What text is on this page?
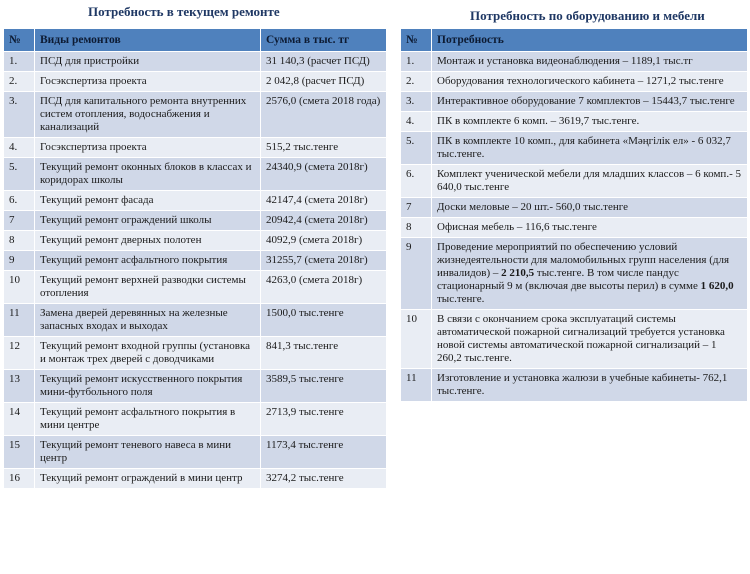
Потребность в текущем ремонте	Потребность по оборудованию и мебели
№	Виды ремонтов	Сумма в тыс. тг
1.	ПСД для пристройки	31 140,3 (расчет ПСД)
2.	Госэкспертиза проекта	2 042,8 (расчет ПСД)
3.	ПСД для капитального ремонта внутренних систем отопления, водоснабжения и канализаций	2576,0 (смета 2018 года)
4.	Госэкспертиза проекта	515,2 тыс.тенге
5.	Текущий ремонт оконных блоков в классах и коридорах школы	24340,9 (смета 2018г)
6.	Текущий ремонт фасада	42147,4 (смета 2018г)
7	Текущий ремонт ограждений школы	20942,4 (смета 2018г)
8	Текущий ремонт дверных полотен	4092,9 (смета 2018г)
9	Текущий ремонт асфальтного покрытия	31255,7 (смета 2018г)
10	Текущий ремонт верхней разводки системы отопления	4263,0 (смета 2018г)
11	Замена дверей деревянных на железные запасных входах и выходах	1500,0 тыс.тенге
12	Текущий ремонт входной группы (установка и монтаж трех дверей с доводчиками	841,3 тыс.тенге
13	Текущий ремонт искусственного покрытия мини-футбольного поля	3589,5 тыс.тенге
14	Текущий ремонт асфальтного покрытия в мини центре	2713,9 тыс.тенге
15	Текущий ремонт теневого навеса в мини центр	1173,4 тыс.тенге
16	Текущий ремонт ограждений в мини центр	3274,2 тыс.тенге
№	Потребность
1.	Монтаж и установка видеонаблюдения – 1189,1 тыс.тг
2.	Оборудования технологического кабинета – 1271,2 тыс.тенге
3.	Интерактивное оборудование 7 комплектов – 15443,7 тыс.тенге
4.	ПК в комплекте 6 комп. – 3619,7 тыс.тенге.
5.	ПК в комплекте 10 комп., для кабинета «Мәңгілік ел» - 6 032,7 тыс.тенге.
6.	Комплект ученической мебели для младших классов – 6 комп.- 5 640,0 тыс.тенге
7	Доски меловые – 20 шт.- 560,0 тыс.тенге
8	Офисная мебель – 116,6 тыс.тенге
9	Проведение мероприятий по обеспечению условий жизнедеятельности для маломобильных групп населения (для инвалидов) – 2 210,5 тыс.тенге. В том числе пандус стационарный 9 м (включая две высоты перил) в сумме 1 620,0 тыс.тенге.
10	В связи с окончанием срока эксплуатаций системы автоматической пожарной сигнализаций требуется установка новой системы автоматической пожарной сигнализаций – 1 260,2 тыс.тенге.
11	Изготовление и установка жалюзи в учебные кабинеты- 762,1 тыс.тенге.
